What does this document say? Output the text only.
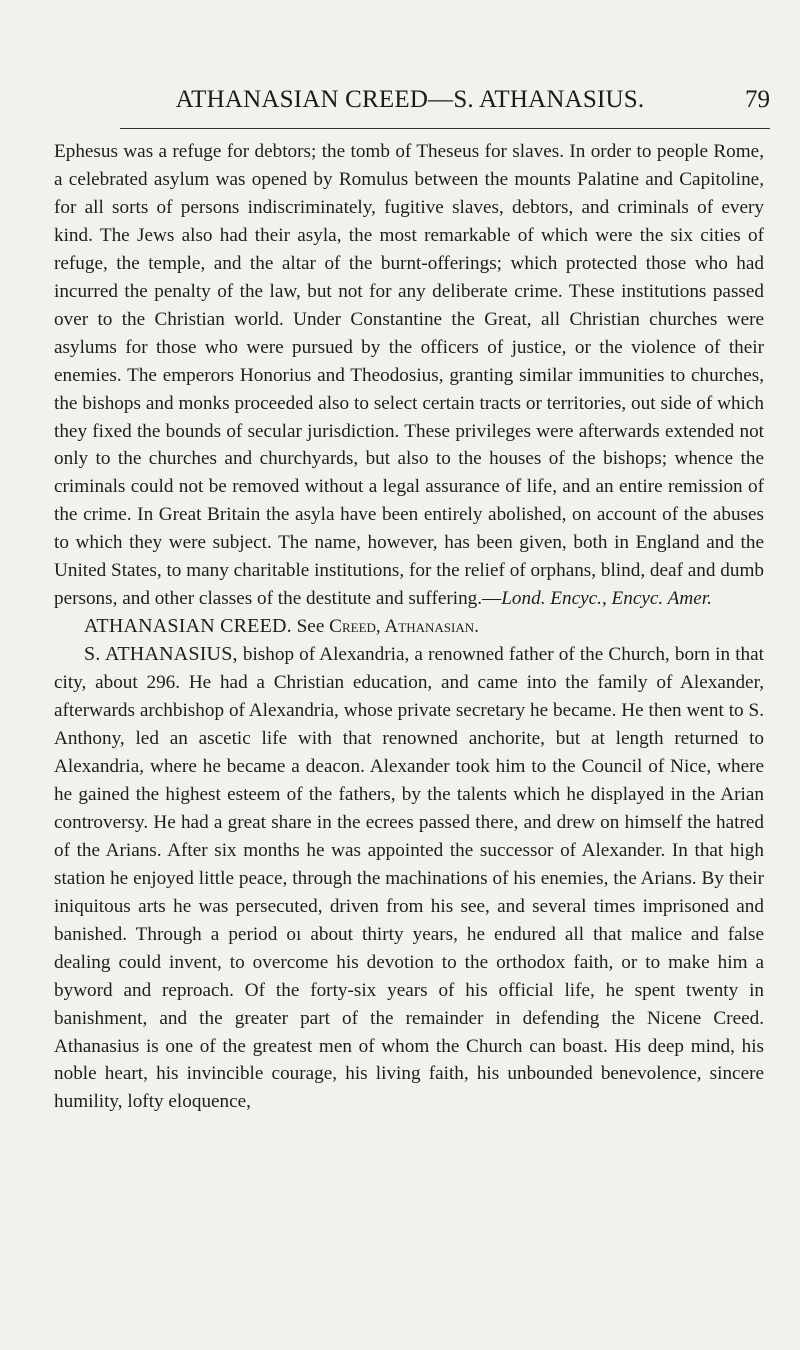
ATHANASIAN CREED—S. ATHANASIUS.	79

Ephesus was a refuge for debtors; the tomb of Theseus for slaves. In order to people Rome, a celebrated asylum was opened by Romulus between the mounts Palatine and Capitoline, for all sorts of persons indiscriminately, fugitive slaves, debtors, and criminals of every kind. The Jews also had their asyla, the most remarkable of which were the six cities of refuge, the temple, and the altar of the burnt-offerings; which protected those who had incurred the penalty of the law, but not for any deliberate crime. These institutions passed over to the Christian world. Under Constantine the Great, all Christian churches were asylums for those who were pursued by the officers of justice, or the violence of their enemies. The emperors Honorius and Theodosius, granting similar immunities to churches, the bishops and monks proceeded also to select certain tracts or territories, out side of which they fixed the bounds of secular jurisdiction. These privileges were afterwards extended not only to the churches and churchyards, but also to the houses of the bishops; whence the criminals could not be removed without a legal assurance of life, and an entire remission of the crime. In Great Britain the asyla have been entirely abolished, on account of the abuses to which they were subject. The name, however, has been given, both in England and the United States, to many charitable institutions, for the relief of orphans, blind, deaf and dumb persons, and other classes of the destitute and suffering.—Lond. Encyc., Encyc. Amer.

ATHANASIAN CREED. See Creed, Athanasian.

S. ATHANASIUS, bishop of Alexandria, a renowned father of the Church, born in that city, about 296. He had a Christian education, and came into the family of Alexander, afterwards archbishop of Alexandria, whose private secretary he became. He then went to S. Anthony, led an ascetic life with that renowned anchorite, but at length returned to Alexandria, where he became a deacon. Alexander took him to the Council of Nice, where he gained the highest esteem of the fathers, by the talents which he displayed in the Arian controversy. He had a great share in the ecrees passed there, and drew on himself the hatred of the Arians. After six months he was appointed the successor of Alexander. In that high station he enjoyed little peace, through the machinations of his enemies, the Arians. By their iniquitous arts he was persecuted, driven from his see, and several times imprisoned and banished. Through a period oı about thirty years, he endured all that malice and false dealing could invent, to overcome his devotion to the orthodox faith, or to make him a byword and reproach. Of the forty-six years of his official life, he spent twenty in banishment, and the greater part of the remainder in defending the Nicene Creed. Athanasius is one of the greatest men of whom the Church can boast. His deep mind, his noble heart, his invincible courage, his living faith, his unbounded benevolence, sincere humility, lofty eloquence,
